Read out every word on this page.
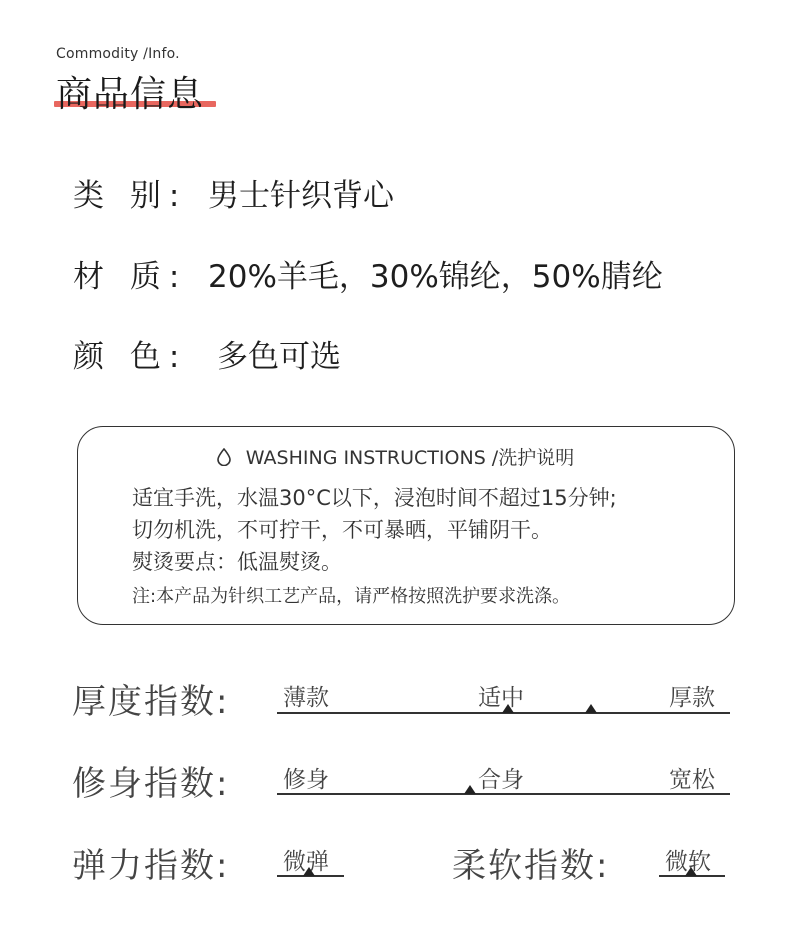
Commodity /Info.
商品信息
类 别: 男士针织背心
材 质: 20%羊毛，30%锦纶，50%腈纶
颜 色: 多色可选
WASHING INSTRUCTIONS /洗护说明
适宜手洗，水温30°C以下，浸泡时间不超过15分钟;
切勿机洗，不可拧干，不可暴晒，平铺阴干。
熨烫要点：低温熨烫。
注:本产品为针织工艺产品，请严格按照洗护要求洗涤。
厚度指数: 薄款	适中	厚款
修身指数: 修身	合身	宽松
弹力指数: 微弹	柔软指数: 微软
